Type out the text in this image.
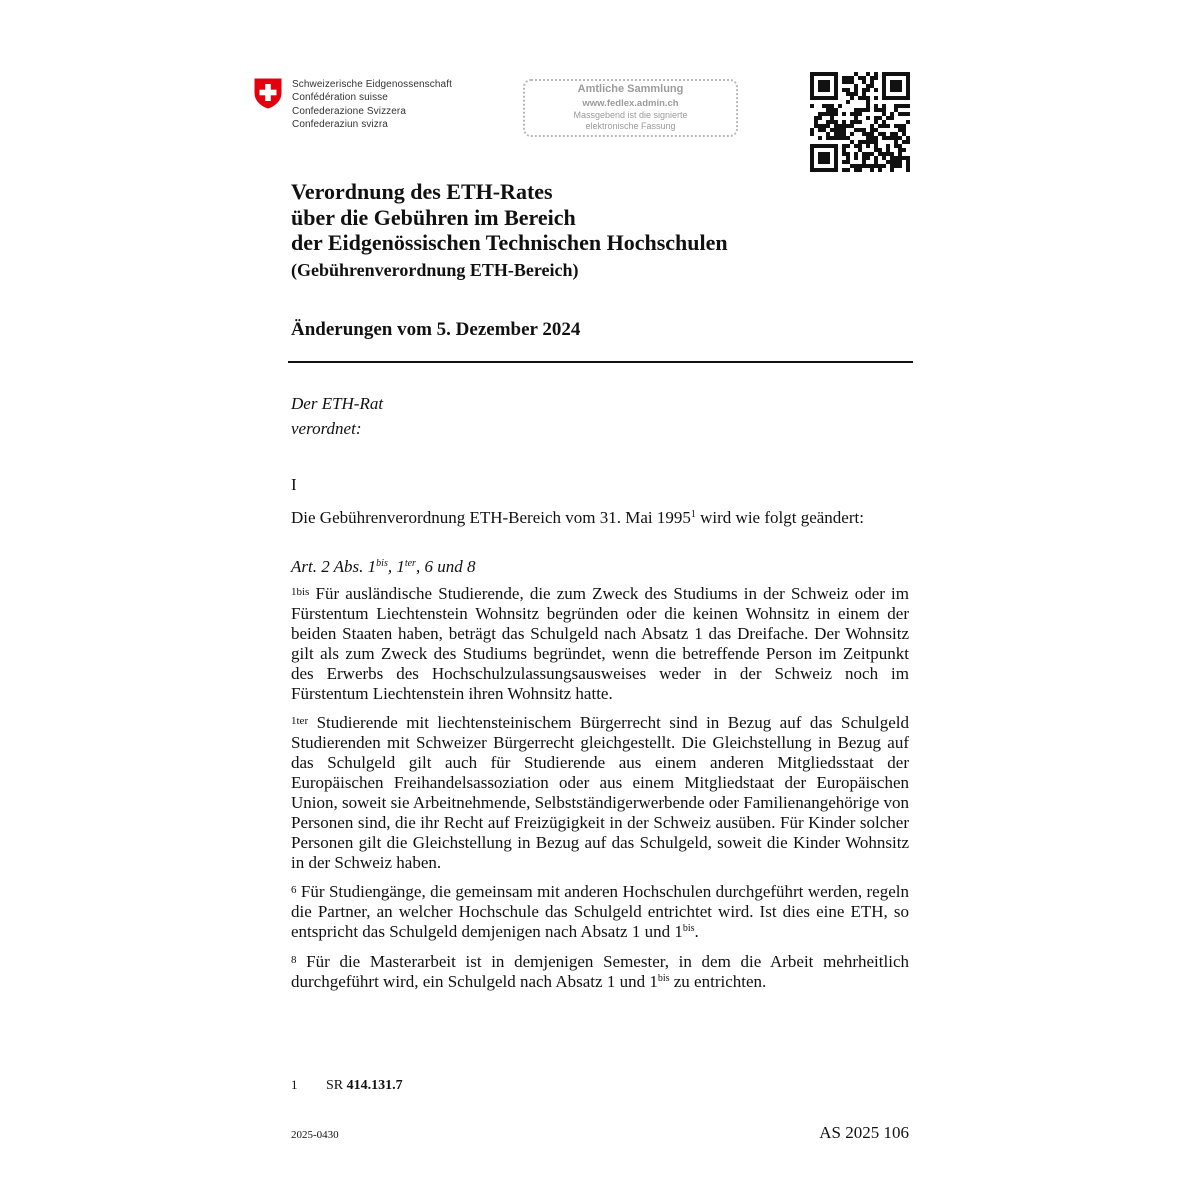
Schweizerische Eidgenossenschaft
Confédération suisse
Confederazione Svizzera
Confederaziun svizra
Amtliche Sammlung
www.fedlex.admin.ch
Massgebend ist die signierte
elektronische Fassung
Verordnung des ETH-Rates
über die Gebühren im Bereich
der Eidgenössischen Technischen Hochschulen
(Gebührenverordnung ETH-Bereich)
Änderungen vom 5. Dezember 2024
Der ETH-Rat
verordnet:
I
Die Gebührenverordnung ETH-Bereich vom 31. Mai 1995$^1$ wird wie folgt geändert:
Art. 2 Abs. $1^{bis}$, $1^{ter}$, 6 und 8
$^{1bis}$ Für ausländische Studierende, die zum Zweck des Studiums in der Schweiz oder im Fürstentum Liechtenstein Wohnsitz begründen oder die keinen Wohnsitz in einem der beiden Staaten haben, beträgt das Schulgeld nach Absatz 1 das Dreifache. Der Wohnsitz gilt als zum Zweck des Studiums begründet, wenn die betreffende Person im Zeitpunkt des Erwerbs des Hochschulzulassungsausweises weder in der Schweiz noch im Fürstentum Liechtenstein ihren Wohnsitz hatte.
$^{1ter}$ Studierende mit liechtensteinischem Bürgerrecht sind in Bezug auf das Schulgeld Studierenden mit Schweizer Bürgerrecht gleichgestellt. Die Gleichstellung in Bezug auf das Schulgeld gilt auch für Studierende aus einem anderen Mitgliedsstaat der Europäischen Freihandelsassoziation oder aus einem Mitgliedstaat der Europäischen Union, soweit sie Arbeitnehmende, Selbstständigerwerbende oder Familienangehörige von Personen sind, die ihr Recht auf Freizügigkeit in der Schweiz ausüben. Für Kinder solcher Personen gilt die Gleichstellung in Bezug auf das Schulgeld, soweit die Kinder Wohnsitz in der Schweiz haben.
$^6$ Für Studiengänge, die gemeinsam mit anderen Hochschulen durchgeführt werden, regeln die Partner, an welcher Hochschule das Schulgeld entrichtet wird. Ist dies eine ETH, so entspricht das Schulgeld demjenigen nach Absatz 1 und $1^{bis}$.
$^8$ Für die Masterarbeit ist in demjenigen Semester, in dem die Arbeit mehrheitlich durchgeführt wird, ein Schulgeld nach Absatz 1 und $1^{bis}$ zu entrichten.
1 SR 414.131.7
2025-0430	AS 2025 106
